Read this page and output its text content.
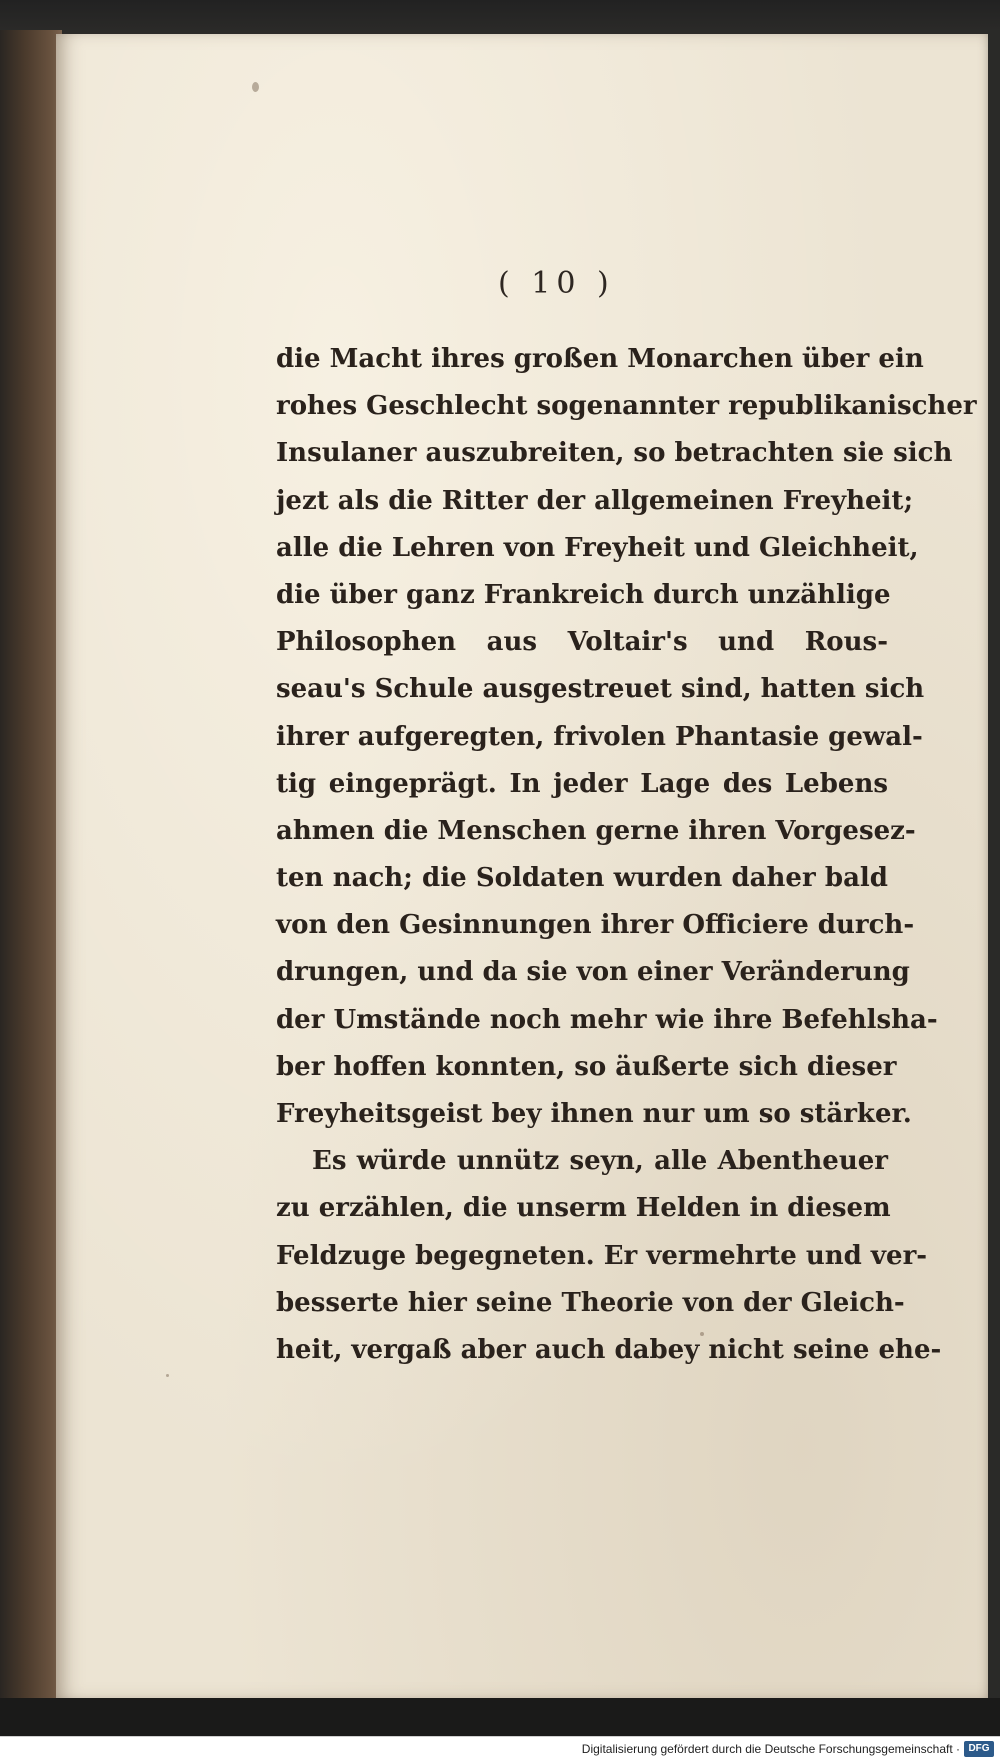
( 10 )
die Macht ihres großen Monarchen über ein
rohes Geschlecht sogenannter republikanischer
Insulaner auszubreiten, so betrachten sie sich
jezt als die Ritter der allgemeinen Freyheit;
alle die Lehren von Freyheit und Gleichheit,
die über ganz Frankreich durch unzählige
Philosophen aus Voltair's und Rous-
seau's Schule ausgestreuet sind, hatten sich
ihrer aufgeregten, frivolen Phantasie gewal-
tig eingeprägt. In jeder Lage des Lebens
ahmen die Menschen gerne ihren Vorgesez-
ten nach; die Soldaten wurden daher bald
von den Gesinnungen ihrer Officiere durch-
drungen, und da sie von einer Veränderung
der Umstände noch mehr wie ihre Befehlsha-
ber hoffen konnten, so äußerte sich dieser
Freyheitsgeist bey ihnen nur um so stärker.
Es würde unnütz seyn, alle Abentheuer
zu erzählen, die unserm Helden in diesem
Feldzuge begegneten. Er vermehrte und ver-
besserte hier seine Theorie von der Gleich-
heit, vergaß aber auch dabey nicht seine ehe-
Digitalisierung gefördert durch die Deutsche Forschungsgemeinschaft · DFG
